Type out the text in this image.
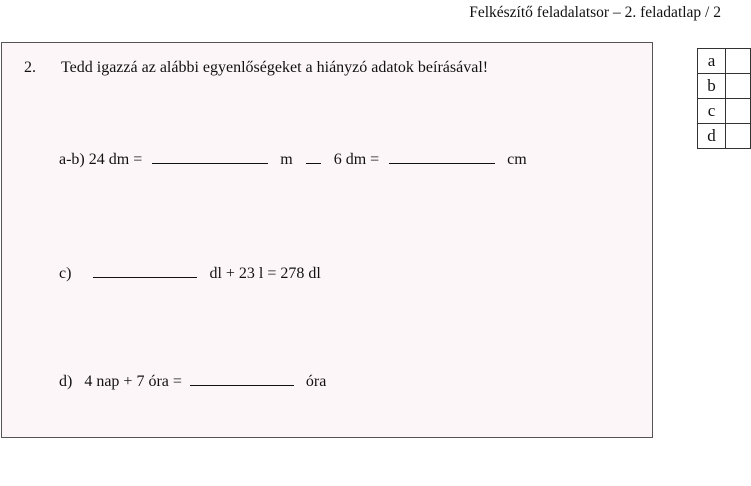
Felkészítő feladalatsor – 2. feladatlap / 2
2. Tedd igazzá az alábbi egyenlőségeket a hiányzó adatok beírásával!
a-b) 24 dm =	m	6 dm =	cm
c)	dl + 23 l = 278 dl
d) 4 nap + 7 óra =	óra
a	
b	
c	
d	
